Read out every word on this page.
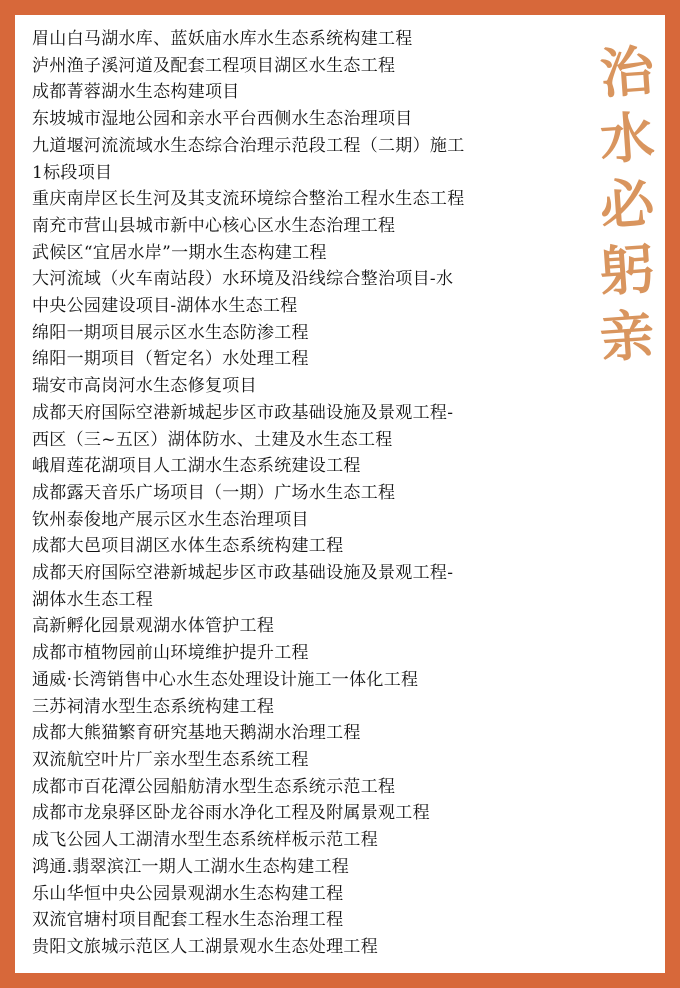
眉山白马湖水库、蓝妖庙水库水生态系统构建工程
泸州渔子溪河道及配套工程项目湖区水生态工程
成都菁蓉湖水生态构建项目
东坡城市湿地公园和亲水平台西侧水生态治理项目
九道堰河流流域水生态综合治理示范段工程（二期）施工
1标段项目
重庆南岸区长生河及其支流环境综合整治工程水生态工程
南充市营山县城市新中心核心区水生态治理工程
武候区“宜居水岸”一期水生态构建工程
大河流域（火车南站段）水环境及沿线综合整治项目-水
中央公园建设项目-湖体水生态工程
绵阳一期项目展示区水生态防渗工程
绵阳一期项目（暂定名）水处理工程
瑞安市高岗河水生态修复项目
成都天府国际空港新城起步区市政基础设施及景观工程-
西区（三~五区）湖体防水、土建及水生态工程
峨眉莲花湖项目人工湖水生态系统建设工程
成都露天音乐广场项目（一期）广场水生态工程
钦州泰俊地产展示区水生态治理项目
成都大邑项目湖区水体生态系统构建工程
成都天府国际空港新城起步区市政基础设施及景观工程-
湖体水生态工程
高新孵化园景观湖水体管护工程
成都市植物园前山环境维护提升工程
通威·长湾销售中心水生态处理设计施工一体化工程
三苏祠清水型生态系统构建工程
成都大熊猫繁育研究基地天鹅湖水治理工程
双流航空叶片厂亲水型生态系统工程
成都市百花潭公园船舫清水型生态系统示范工程
成都市龙泉驿区卧龙谷雨水净化工程及附属景观工程
成飞公园人工湖清水型生态系统样板示范工程
鸿通.翡翠滨江一期人工湖水生态构建工程
乐山华恒中央公园景观湖水生态构建工程
双流官塘村项目配套工程水生态治理工程
贵阳文旅城示范区人工湖景观水生态处理工程
治
水
必
躬
亲
